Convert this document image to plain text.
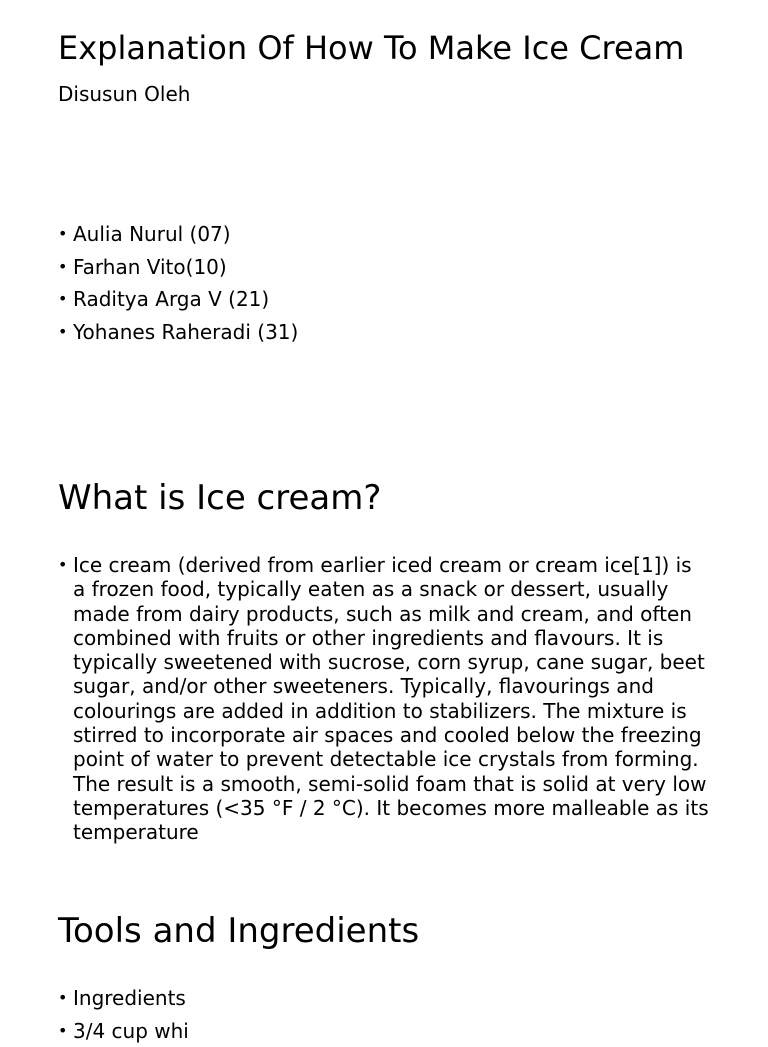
Explanation Of How To Make Ice Cream
Disusun Oleh
• Aulia Nurul (07)
• Farhan Vito(10)
• Raditya Arga V (21)
• Yohanes Raheradi (31)
What is Ice cream?
• Ice cream (derived from earlier iced cream or cream ice[1]) is a frozen food, typically eaten as a snack or dessert, usually made from dairy products, such as milk and cream, and often combined with fruits or other ingredients and flavours. It is typically sweetened with sucrose, corn syrup, cane sugar, beet sugar, and/or other sweeteners. Typically, flavourings and colourings are added in addition to stabilizers. The mixture is stirred to incorporate air spaces and cooled below the freezing point of water to prevent detectable ice crystals from forming. The result is a smooth, semi-solid foam that is solid at very low temperatures (<35 °F / 2 °C). It becomes more malleable as its temperature
Tools and Ingredients
• Ingredients
• 3/4 cup whi
